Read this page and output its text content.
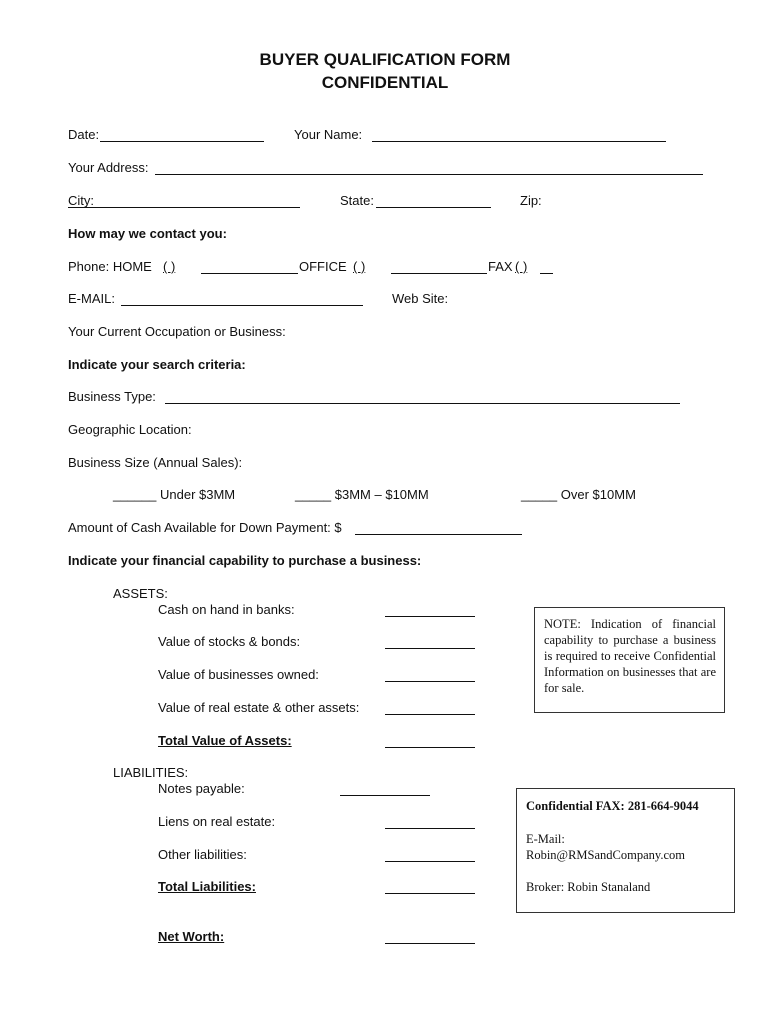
BUYER QUALIFICATION FORM
CONFIDENTIAL
Date:	Your Name:
Your Address:
City:	State:	Zip:
How may we contact you:
Phone: HOME ( )	OFFICE ( )	FAX ( )
E-MAIL:	Web Site:
Your Current Occupation or Business:
Indicate your search criteria:
Business Type:
Geographic Location:
Business Size (Annual Sales):
______ Under $3MM	_____ $3MM – $10MM	_____ Over $10MM
Amount of Cash Available for Down Payment: $
Indicate your financial capability to purchase a business:
ASSETS:
Cash on hand in banks:
Value of stocks & bonds:
Value of businesses owned:
Value of real estate & other assets:
Total Value of Assets:
LIABILITIES:
Notes payable:
Liens on real estate:
Other liabilities:
Total Liabilities:
Net Worth:
NOTE: Indication of financial capability to purchase a business is required to receive Confidential Information on businesses that are for sale.
Confidential FAX: 281-664-9044
E-Mail:
Robin@RMSandCompany.com
Broker: Robin Stanaland
